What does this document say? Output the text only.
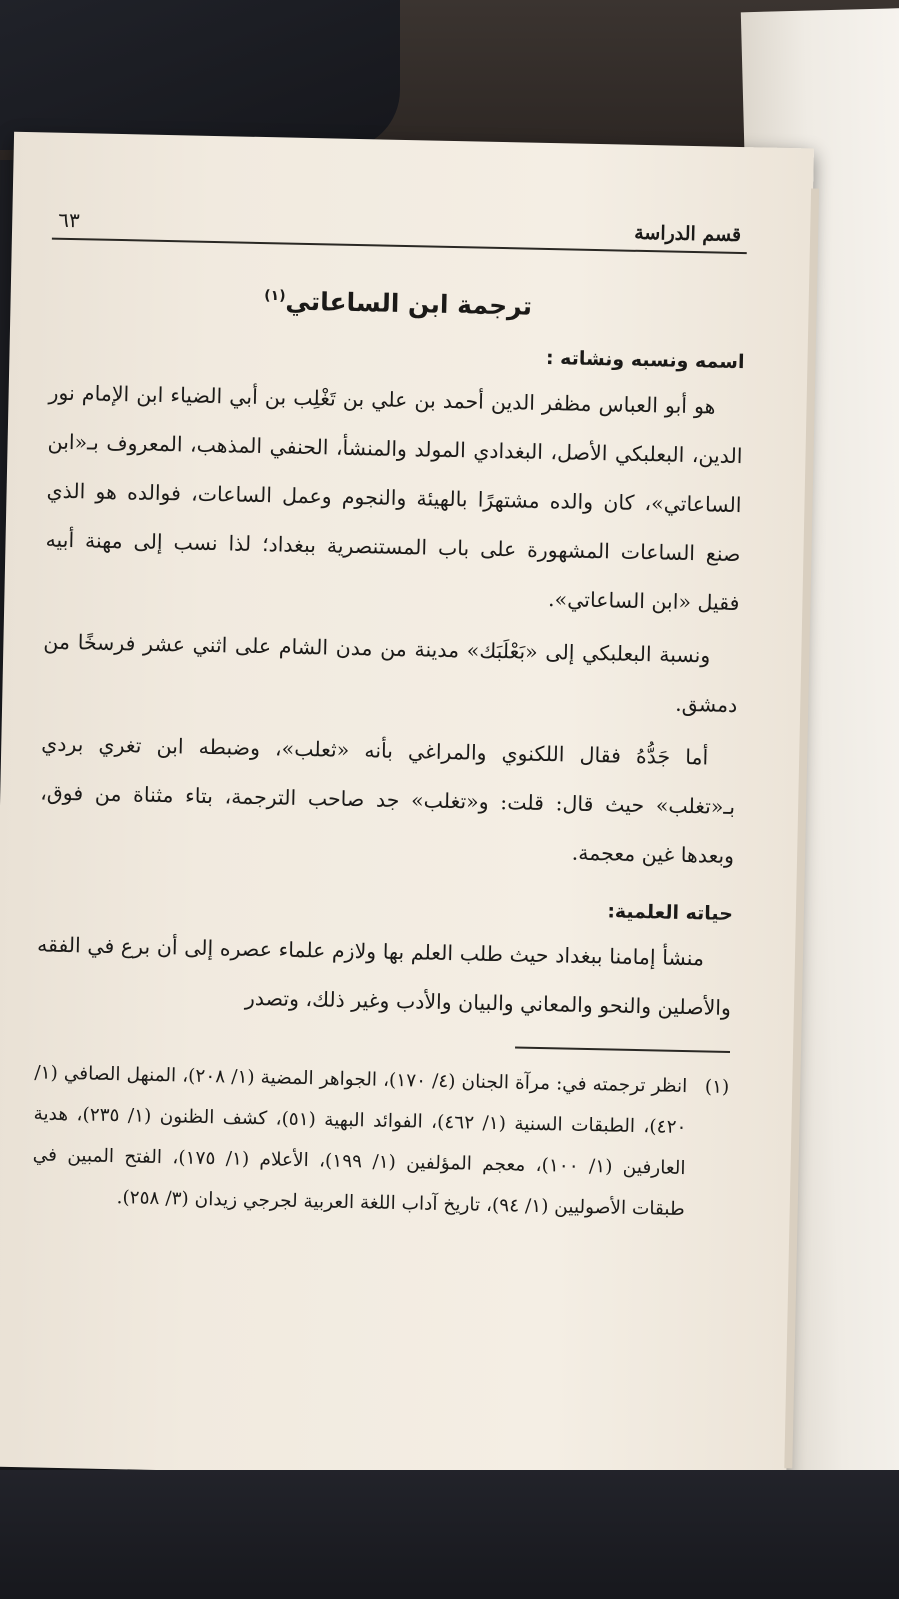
قسم الدراسة
٦٣
ترجمة ابن الساعاتي$^{(١)}$
اسمه ونسبه ونشاته :

هو أبو العباس مظفر الدين أحمد بن علي بن تَغْلِب بن أبي الضياء ابن الإمام نور الدين، البعلبكي الأصل، البغدادي المولد والمنشأ، الحنفي المذهب، المعروف بـ«ابن الساعاتي»، كان والده مشتهرًا بالهيئة والنجوم وعمل الساعات، فوالده هو الذي صنع الساعات المشهورة على باب المستنصرية ببغداد؛ لذا نسب إلى مهنة أبيه فقيل «ابن الساعاتي».

ونسبة البعلبكي إلى «بَعْلَبَك» مدينة من مدن الشام على اثني عشر فرسخًا من دمشق.

أما جَدُّهُ فقال اللكنوي والمراغي بأنه «ثعلب»، وضبطه ابن تغري بردي بـ«تغلب» حيث قال: قلت: و«تغلب» جد صاحب الترجمة، بتاء مثناة من فوق، وبعدها غين معجمة.

حياته العلمية:

منشأ إمامنا ببغداد حيث طلب العلم بها ولازم علماء عصره إلى أن برع في الفقه والأصلين والنحو والمعاني والبيان والأدب وغير ذلك، وتصدر

(١)
انظر ترجمته في: مرآة الجنان (٤/ ١٧٠)، الجواهر المضية (١/ ٢٠٨)، المنهل الصافي (١/ ٤٢٠)، الطبقات السنية (١/ ٤٦٢)، الفوائد البهية (٥١)، كشف الظنون (١/ ٢٣٥)، هدية العارفين (١/ ١٠٠)، معجم المؤلفين (١/ ١٩٩)، الأعلام (١/ ١٧٥)، الفتح المبين في طبقات الأصوليين (١/ ٩٤)، تاريخ آداب اللغة العربية لجرجي زيدان (٣/ ٢٥٨).
